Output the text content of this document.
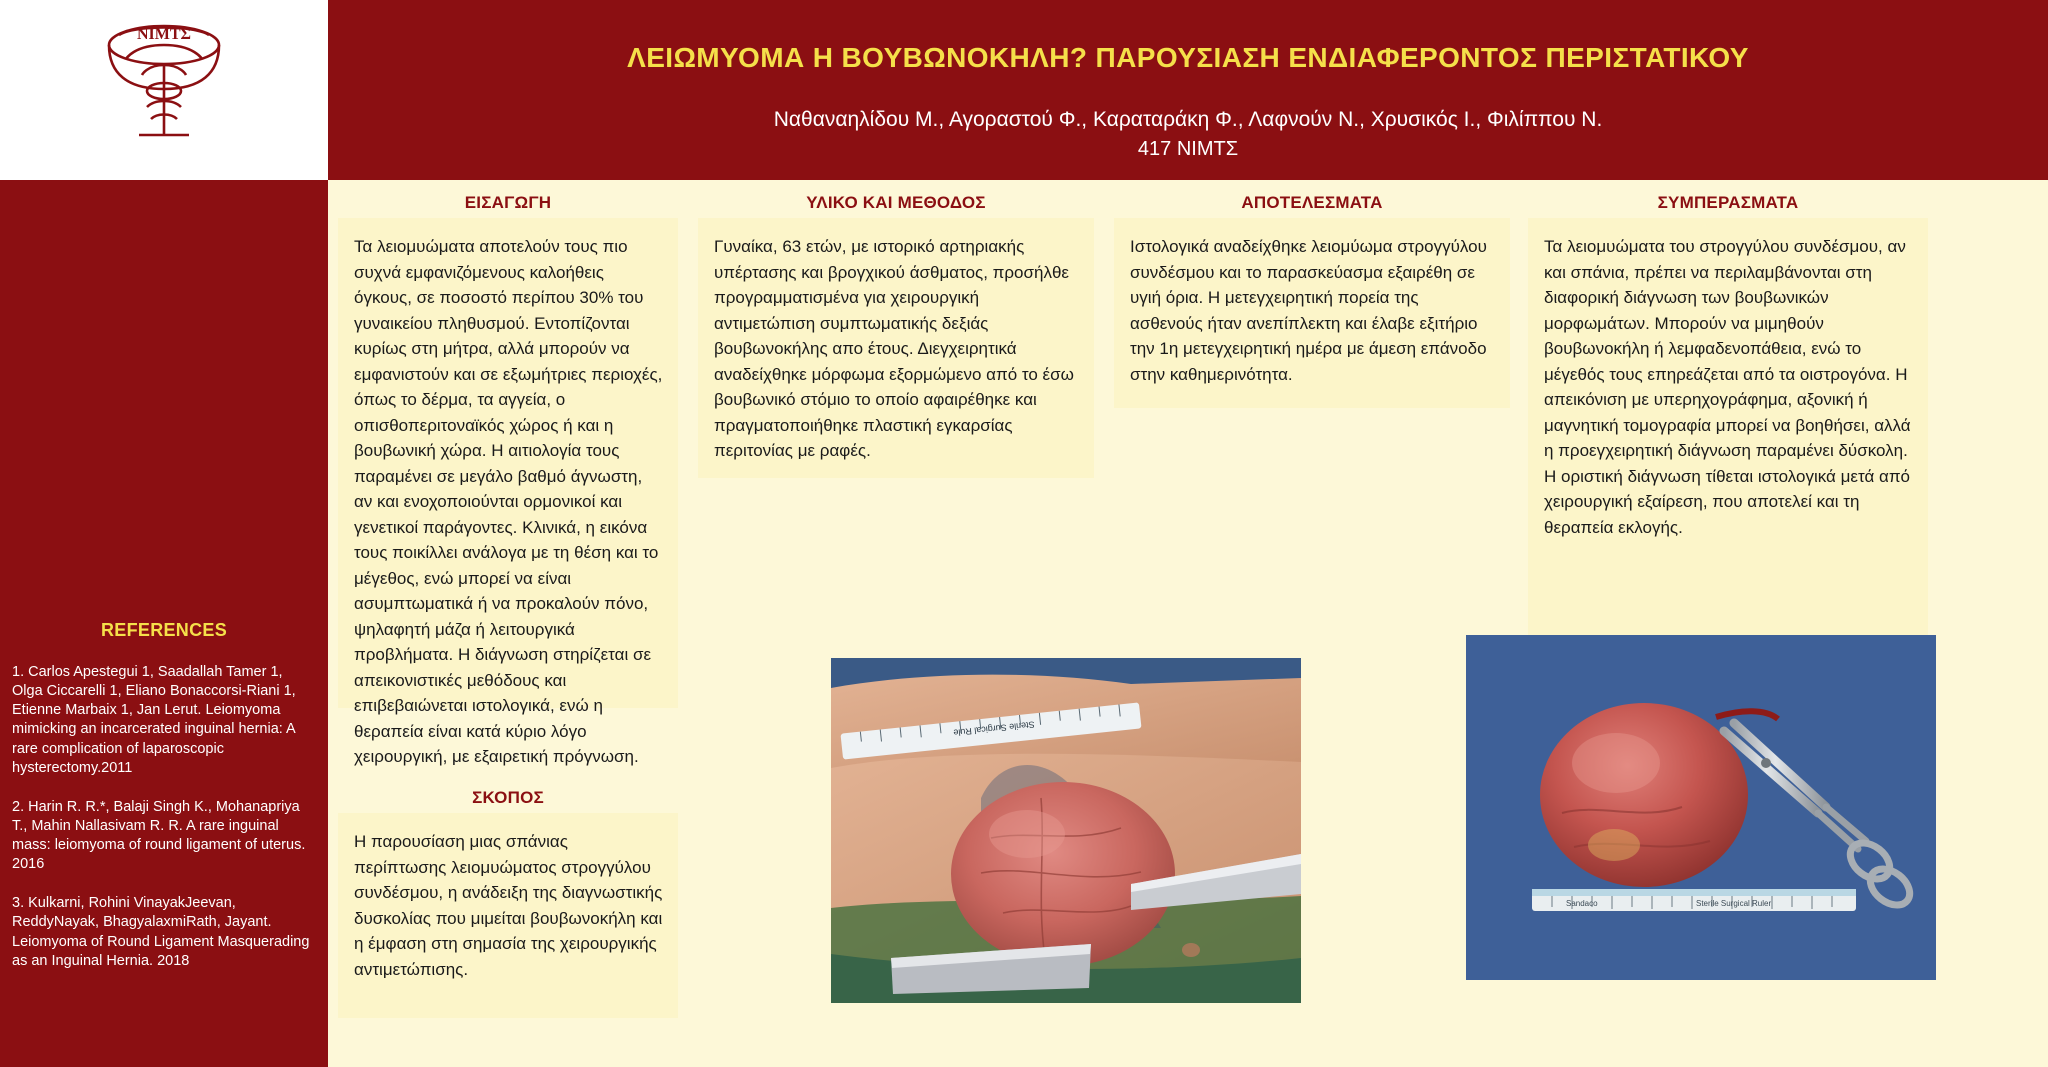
NIMTΣ
REFERENCES
1. Carlos Apestegui 1, Saadallah Tamer 1, Olga Ciccarelli 1, Eliano Bonaccorsi-Riani 1, Etienne Marbaix 1, Jan Lerut. Leiomyoma mimicking an incarcerated inguinal hernia: A rare complication of laparoscopic hysterectomy.2011
2. Harin R. R.*, Balaji Singh K., Mohanapriya T., Mahin Nallasivam R. R. A rare inguinal mass: leiomyoma of round ligament of uterus. 2016
3. Kulkarni, Rohini VinayakJeevan, ReddyNayak, BhagyalaxmiRath, Jayant. Leiomyoma of Round Ligament Masquerading as an Inguinal Hernia. 2018
ΛΕΙΩΜΥΟΜΑ Η ΒΟΥΒΩΝΟΚΗΛΗ? ΠΑΡΟΥΣΙΑΣΗ ΕΝΔΙΑΦΕΡΟΝΤΟΣ ΠΕΡΙΣΤΑΤΙΚΟΥ
Ναθαναηλίδου Μ., Αγοραστού Φ., Καραταράκη Φ., Λαφνούν Ν., Χρυσικός Ι., Φιλίππου Ν.
417 ΝΙΜΤΣ
ΕΙΣΑΓΩΓΗ
Τα λειομυώματα αποτελούν τους πιο συχνά εμφανιζόμενους καλοήθεις όγκους, σε ποσοστό περίπου 30% του γυναικείου πληθυσμού. Εντοπίζονται κυρίως στη μήτρα, αλλά μπορούν να εμφανιστούν και σε εξωμήτριες περιοχές, όπως το δέρμα, τα αγγεία, ο οπισθοπεριτοναϊκός χώρος ή και η βουβωνική χώρα. Η αιτιολογία τους παραμένει σε μεγάλο βαθμό άγνωστη, αν και ενοχοποιούνται ορμονικοί και γενετικοί παράγοντες. Κλινικά, η εικόνα τους ποικίλλει ανάλογα με τη θέση και το μέγεθος, ενώ μπορεί να είναι ασυμπτωματικά ή να προκαλούν πόνο, ψηλαφητή μάζα ή λειτουργικά προβλήματα. Η διάγνωση στηρίζεται σε απεικονιστικές μεθόδους και επιβεβαιώνεται ιστολογικά, ενώ η θεραπεία είναι κατά κύριο λόγο χειρουργική, με εξαιρετική πρόγνωση.
ΣΚΟΠΟΣ
Η παρουσίαση μιας σπάνιας περίπτωσης λειομυώματος στρογγύλου συνδέσμου, η ανάδειξη της διαγνωστικής δυσκολίας που μιμείται βουβωνοκήλη και η έμφαση στη σημασία της χειρουργικής αντιμετώπισης.
ΥΛΙΚΟ ΚΑΙ ΜΕΘΟΔΟΣ
Γυναίκα, 63 ετών, με ιστορικό αρτηριακής υπέρτασης και βρογχικού άσθματος, προσήλθε προγραμματισμένα για χειρουργική αντιμετώπιση συμπτωματικής δεξιάς βουβωνοκήλης απο έτους. Διεγχειρητικά αναδείχθηκε μόρφωμα εξορμώμενο από το έσω βουβωνικό στόμιο το οποίο αφαιρέθηκε και πραγματοποιήθηκε πλαστική εγκαρσίας περιτονίας με ραφές.
ΑΠΟΤΕΛΕΣΜΑΤΑ
Ιστολογικά αναδείχθηκε λειομύωμα στρογγύλου συνδέσμου και το παρασκεύασμα εξαιρέθη σε υγιή όρια. Η μετεγχειρητική πορεία της ασθενούς ήταν ανεπίπλεκτη και έλαβε εξιτήριο την 1η μετεγχειρητική ημέρα με άμεση επάνοδο στην καθημερινότητα.
ΣΥΜΠΕΡΑΣΜΑΤΑ
Τα λειομυώματα του στρογγύλου συνδέσμου, αν και σπάνια, πρέπει να περιλαμβάνονται στη διαφορική διάγνωση των βουβωνικών μορφωμάτων. Μπορούν να μιμηθούν βουβωνοκήλη ή λεμφαδενοπάθεια, ενώ το μέγεθός τους επηρεάζεται από τα οιστρογόνα. Η απεικόνιση με υπερηχογράφημα, αξονική ή μαγνητική τομογραφία μπορεί να βοηθήσει, αλλά η προεγχειρητική διάγνωση παραμένει δύσκολη. Η οριστική διάγνωση τίθεται ιστολογικά μετά από χειρουργική εξαίρεση, που αποτελεί και τη θεραπεία εκλογής.
Sterile Surgical Rule
Sandaco	Sterile Surgical Ruler
